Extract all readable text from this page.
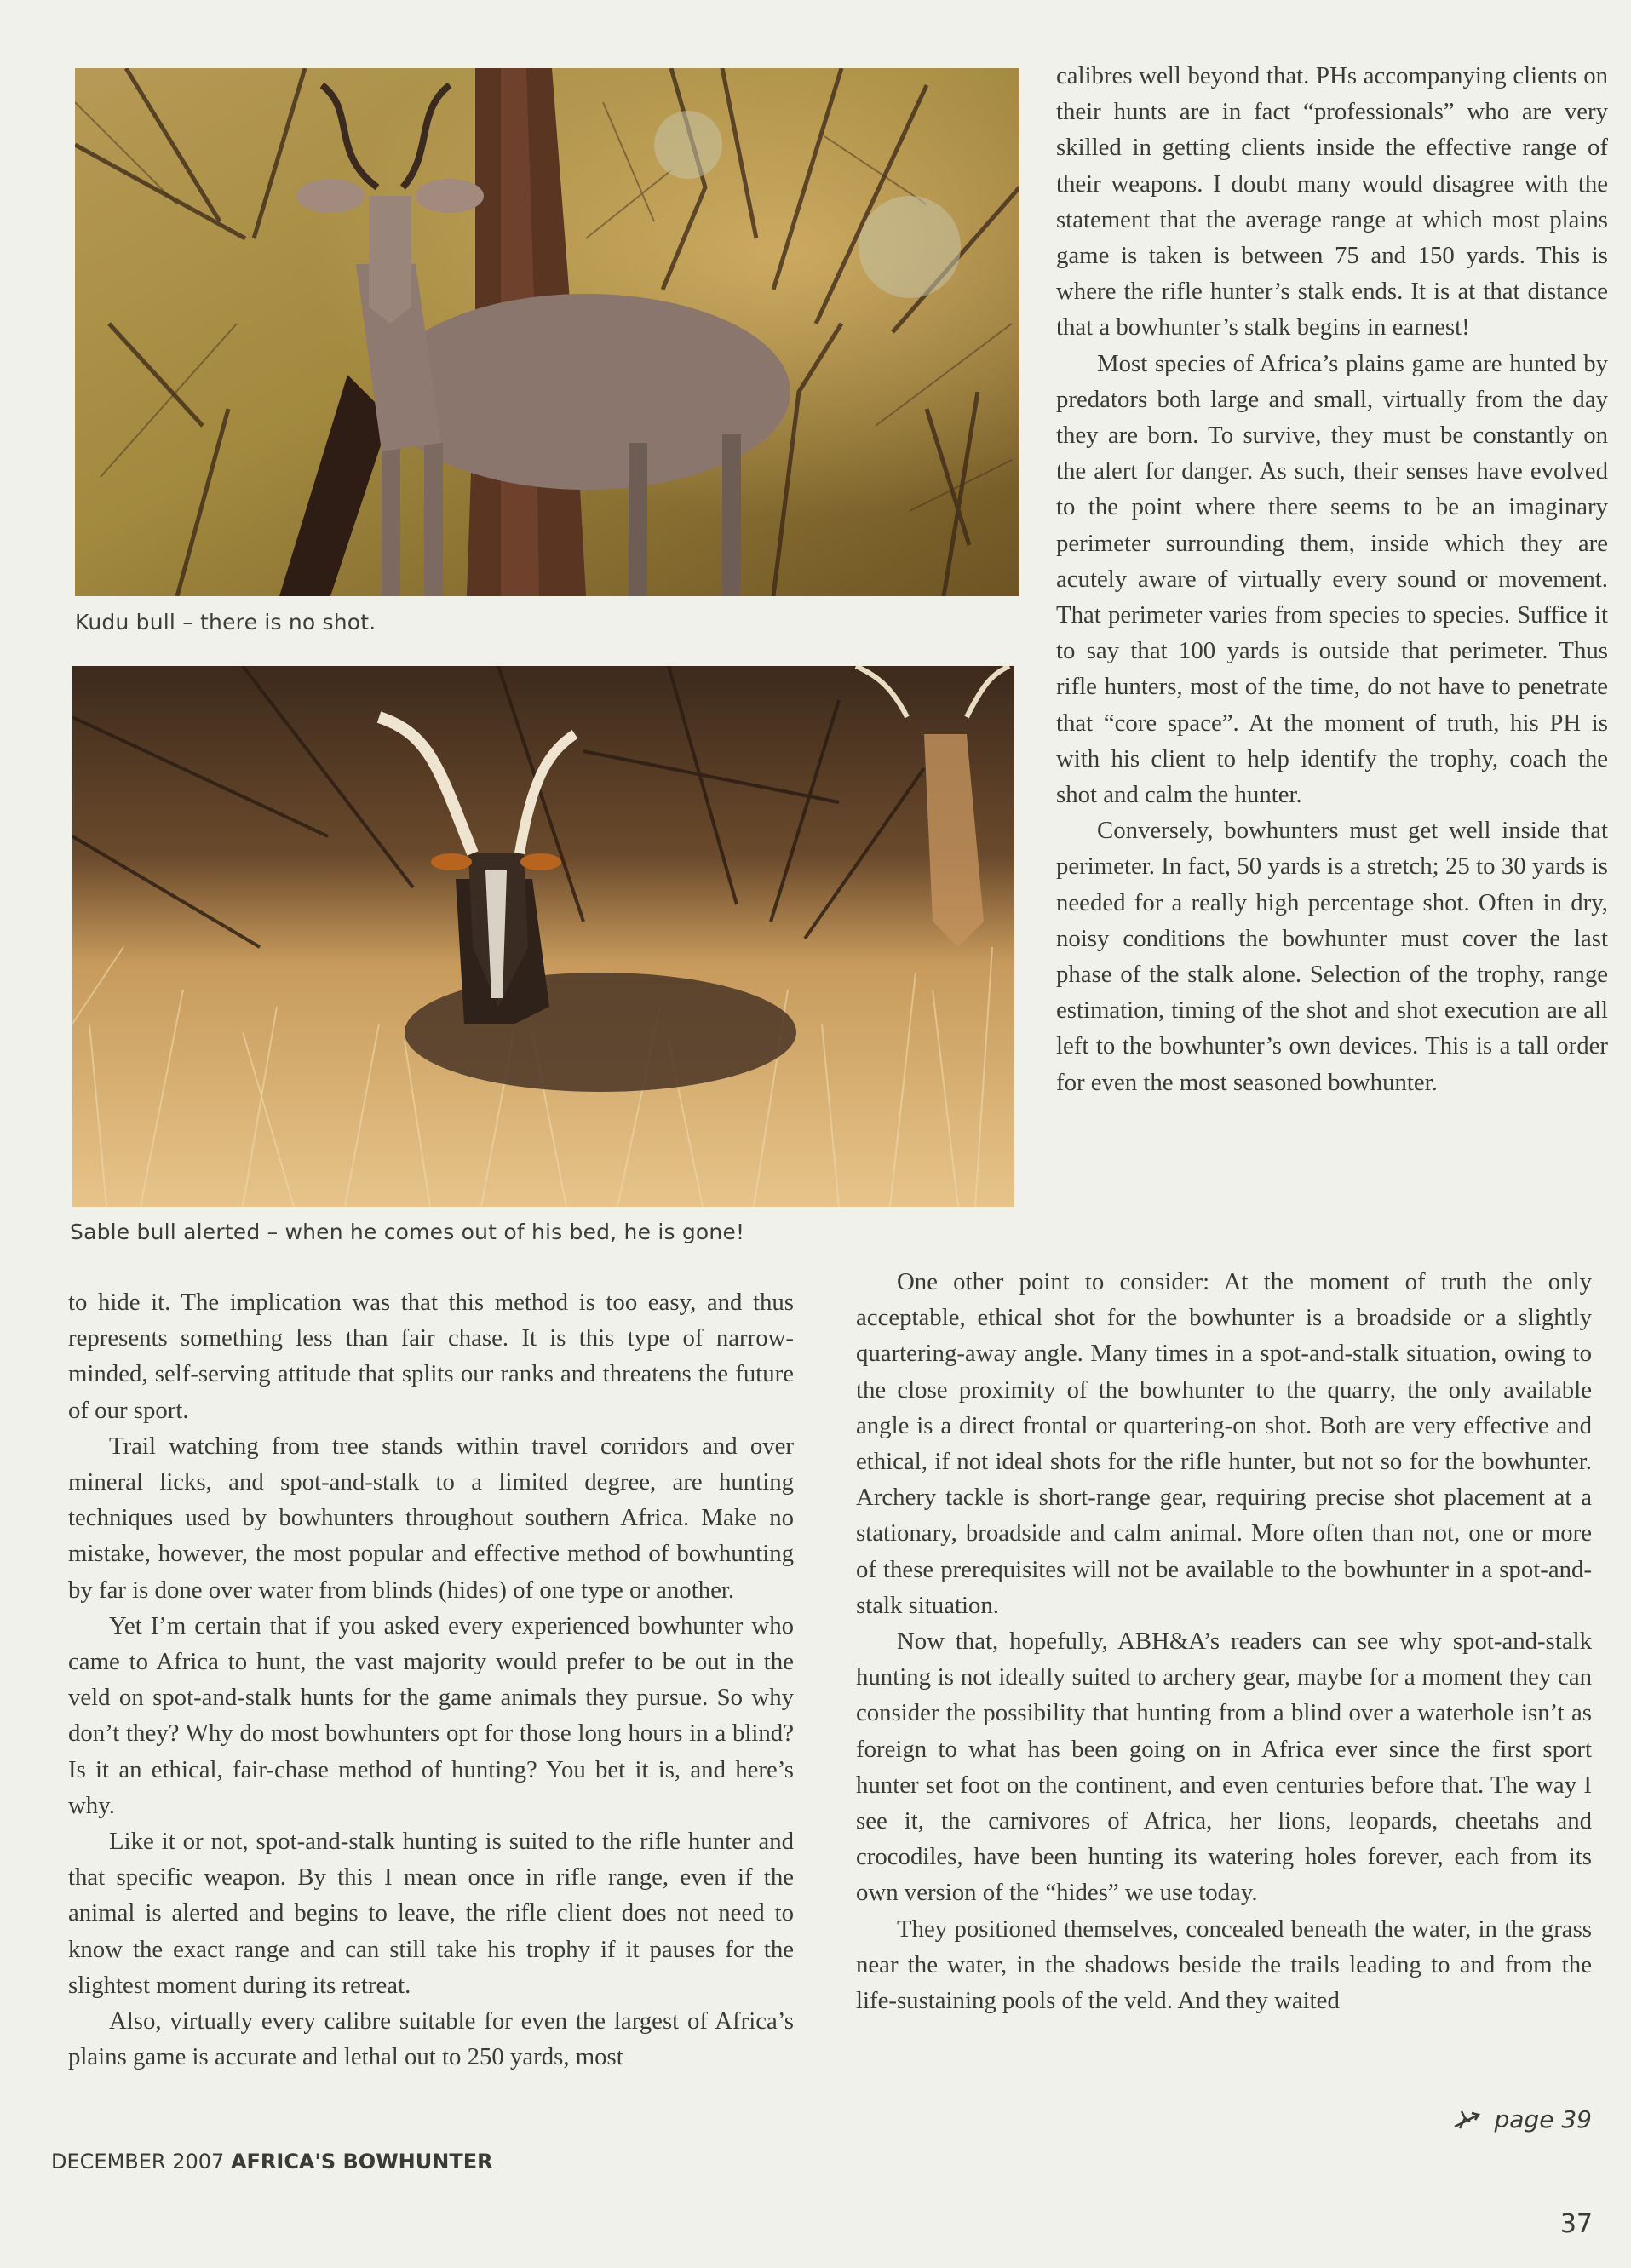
Kudu bull – there is no shot.
Sable bull alerted – when he comes out of his bed, he is gone!

calibres well beyond that. PHs accompanying clients on their hunts are in fact “professionals” who are very skilled in getting clients inside the effective range of their weapons. I doubt many would disagree with the statement that the average range at which most plains game is taken is between 75 and 150 yards. This is where the rifle hunter’s stalk ends. It is at that distance that a bowhunter’s stalk begins in earnest!

Most species of Africa’s plains game are hunted by predators both large and small, virtually from the day they are born. To survive, they must be constantly on the alert for danger. As such, their senses have evolved to the point where there seems to be an imaginary perimeter surrounding them, inside which they are acutely aware of virtually every sound or movement. That perimeter varies from species to species. Suffice it to say that 100 yards is outside that perimeter. Thus rifle hunters, most of the time, do not have to penetrate that “core space”. At the moment of truth, his PH is with his client to help identify the trophy, coach the shot and calm the hunter.

Conversely, bowhunters must get well inside that perimeter. In fact, 50 yards is a stretch; 25 to 30 yards is needed for a really high percentage shot. Often in dry, noisy conditions the bowhunter must cover the last phase of the stalk alone. Selection of the trophy, range estimation, timing of the shot and shot execution are all left to the bowhunter’s own devices. This is a tall order for even the most seasoned bowhunter.

to hide it. The implication was that this method is too easy, and thus represents something less than fair chase. It is this type of narrow-minded, self-serving attitude that splits our ranks and threatens the future of our sport.

Trail watching from tree stands within travel corridors and over mineral licks, and spot-and-stalk to a limited degree, are hunting techniques used by bowhunters throughout southern Africa. Make no mistake, however, the most popular and effective method of bowhunting by far is done over water from blinds (hides) of one type or another.

Yet I’m certain that if you asked every experienced bowhunter who came to Africa to hunt, the vast majority would prefer to be out in the veld on spot-and-stalk hunts for the game animals they pursue. So why don’t they? Why do most bowhunters opt for those long hours in a blind? Is it an ethical, fair-chase method of hunting? You bet it is, and here’s why.

Like it or not, spot-and-stalk hunting is suited to the rifle hunter and that specific weapon. By this I mean once in rifle range, even if the animal is alerted and begins to leave, the rifle client does not need to know the exact range and can still take his trophy if it pauses for the slightest moment during its retreat.

Also, virtually every calibre suitable for even the largest of Africa’s plains game is accurate and lethal out to 250 yards, most

One other point to consider: At the moment of truth the only acceptable, ethical shot for the bowhunter is a broadside or a slightly quartering-away angle. Many times in a spot-and-stalk situation, owing to the close proximity of the bowhunter to the quarry, the only available angle is a direct frontal or quartering-on shot. Both are very effective and ethical, if not ideal shots for the rifle hunter, but not so for the bowhunter. Archery tackle is short-range gear, requiring precise shot placement at a stationary, broadside and calm animal. More often than not, one or more of these prerequisites will not be available to the bowhunter in a spot-and-stalk situation.

Now that, hopefully, ABH&A’s readers can see why spot-and-stalk hunting is not ideally suited to archery gear, maybe for a moment they can consider the possibility that hunting from a blind over a waterhole isn’t as foreign to what has been going on in Africa ever since the first sport hunter set foot on the continent, and even centuries before that. The way I see it, the carnivores of Africa, her lions, leopards, cheetahs and crocodiles, have been hunting its watering holes forever, each from its own version of the “hides” we use today.

They positioned themselves, concealed beneath the water, in the grass near the water, in the shadows beside the trails leading to and from the life-sustaining pools of the veld. And they waited

page 39
DECEMBER 2007 AFRICA'S BOWHUNTER
37
